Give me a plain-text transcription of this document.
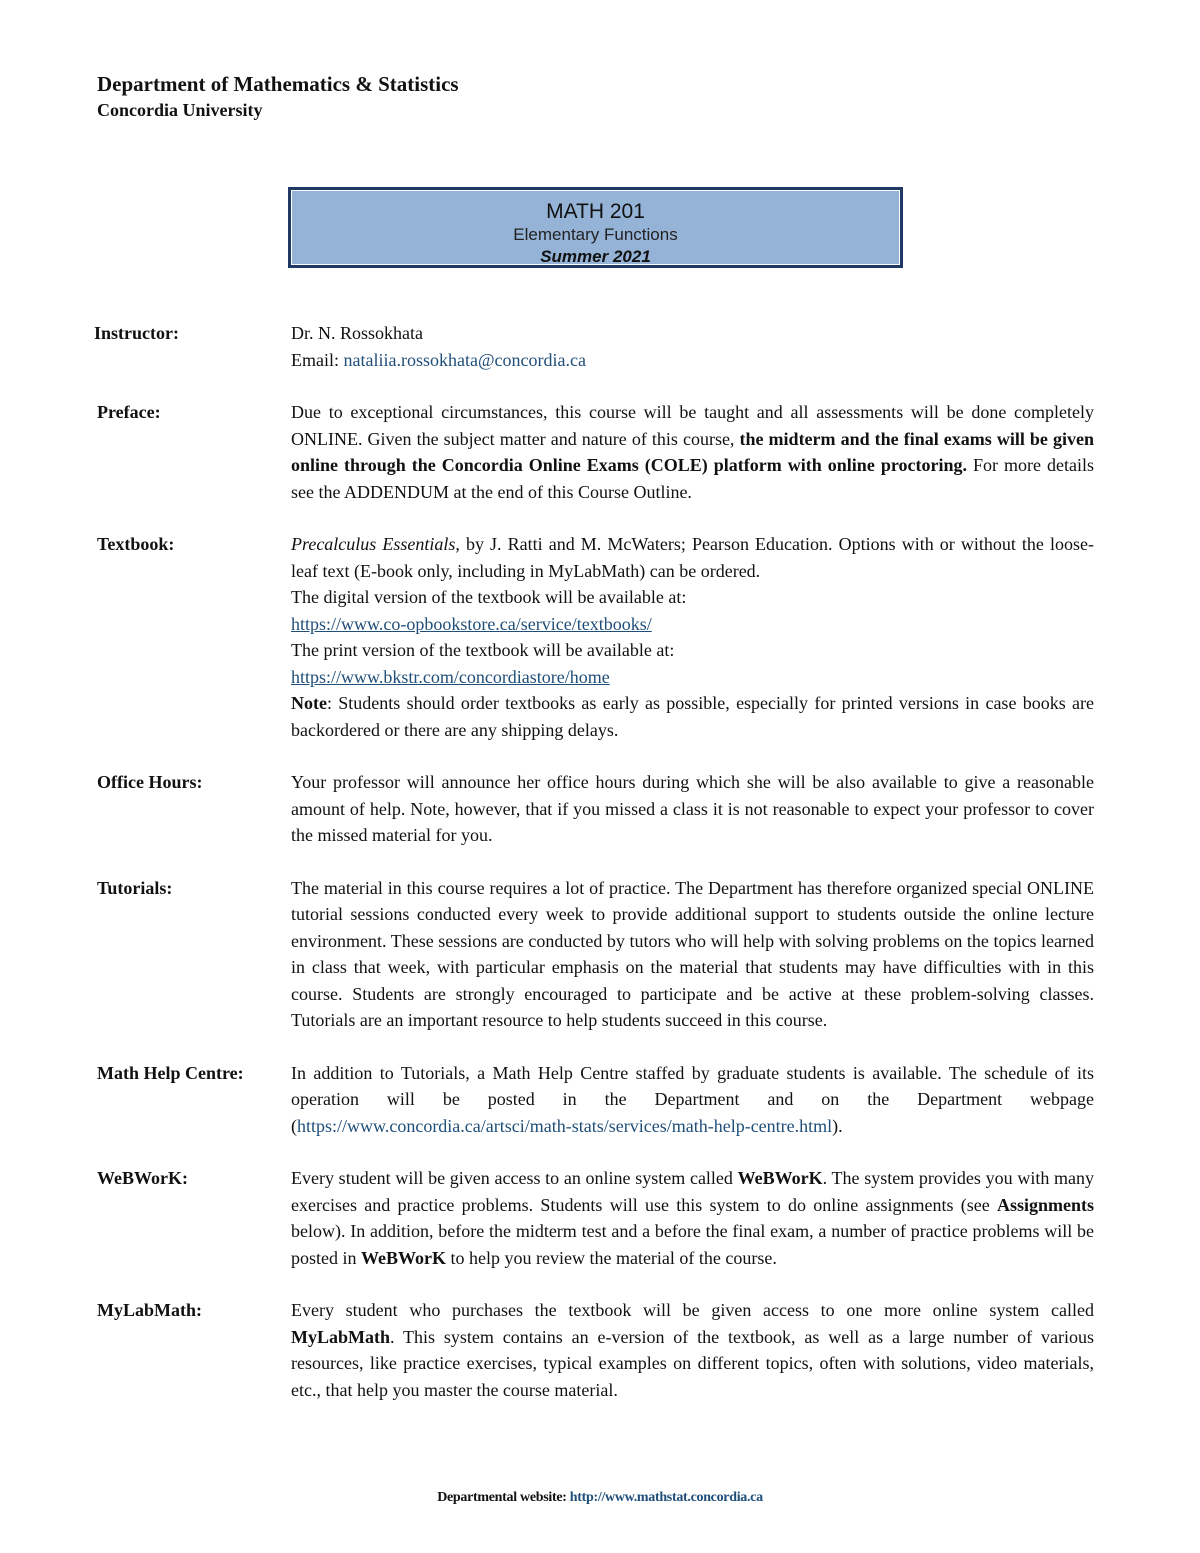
Department of Mathematics & Statistics
Concordia University
MATH 201
Elementary Functions
Summer 2021
Instructor:	Dr. N. Rossokhata

Email: nataliia.rossokhata@concordia.ca

Preface:	Due to exceptional circumstances, this course will be taught and all assessments will be done completely ONLINE. Given the subject matter and nature of this course, the midterm and the final exams will be given online through the Concordia Online Exams (COLE) platform with online proctoring. For more details see the ADDENDUM at the end of this Course Outline.

Textbook:	Precalculus Essentials, by J. Ratti and M. McWaters; Pearson Education. Options with or without the loose-leaf text (E-book only, including in MyLabMath) can be ordered.

The digital version of the textbook will be available at:

https://www.co-opbookstore.ca/service/textbooks/

The print version of the textbook will be available at:

https://www.bkstr.com/concordiastore/home

Note: Students should order textbooks as early as possible, especially for printed versions in case books are backordered or there are any shipping delays.

Office Hours:	Your professor will announce her office hours during which she will be also available to give a reasonable amount of help. Note, however, that if you missed a class it is not reasonable to expect your professor to cover the missed material for you.

Tutorials:	The material in this course requires a lot of practice. The Department has therefore organized special ONLINE tutorial sessions conducted every week to provide additional support to students outside the online lecture environment. These sessions are conducted by tutors who will help with solving problems on the topics learned in class that week, with particular emphasis on the material that students may have difficulties with in this course. Students are strongly encouraged to participate and be active at these problem-solving classes. Tutorials are an important resource to help students succeed in this course.

Math Help Centre:	In addition to Tutorials, a Math Help Centre staffed by graduate students is available. The schedule of its operation will be posted in the Department and on the Department webpage (https://www.concordia.ca/artsci/math-stats/services/math-help-centre.html).

WeBWorK:	Every student will be given access to an online system called WeBWorK. The system provides you with many exercises and practice problems. Students will use this system to do online assignments (see Assignments below). In addition, before the midterm test and a before the final exam, a number of practice problems will be posted in WeBWorK to help you review the material of the course.

MyLabMath:	Every student who purchases the textbook will be given access to one more online system called MyLabMath. This system contains an e-version of the textbook, as well as a large number of various resources, like practice exercises, typical examples on different topics, often with solutions, video materials, etc., that help you master the course material.

Departmental website: http://www.mathstat.concordia.ca
